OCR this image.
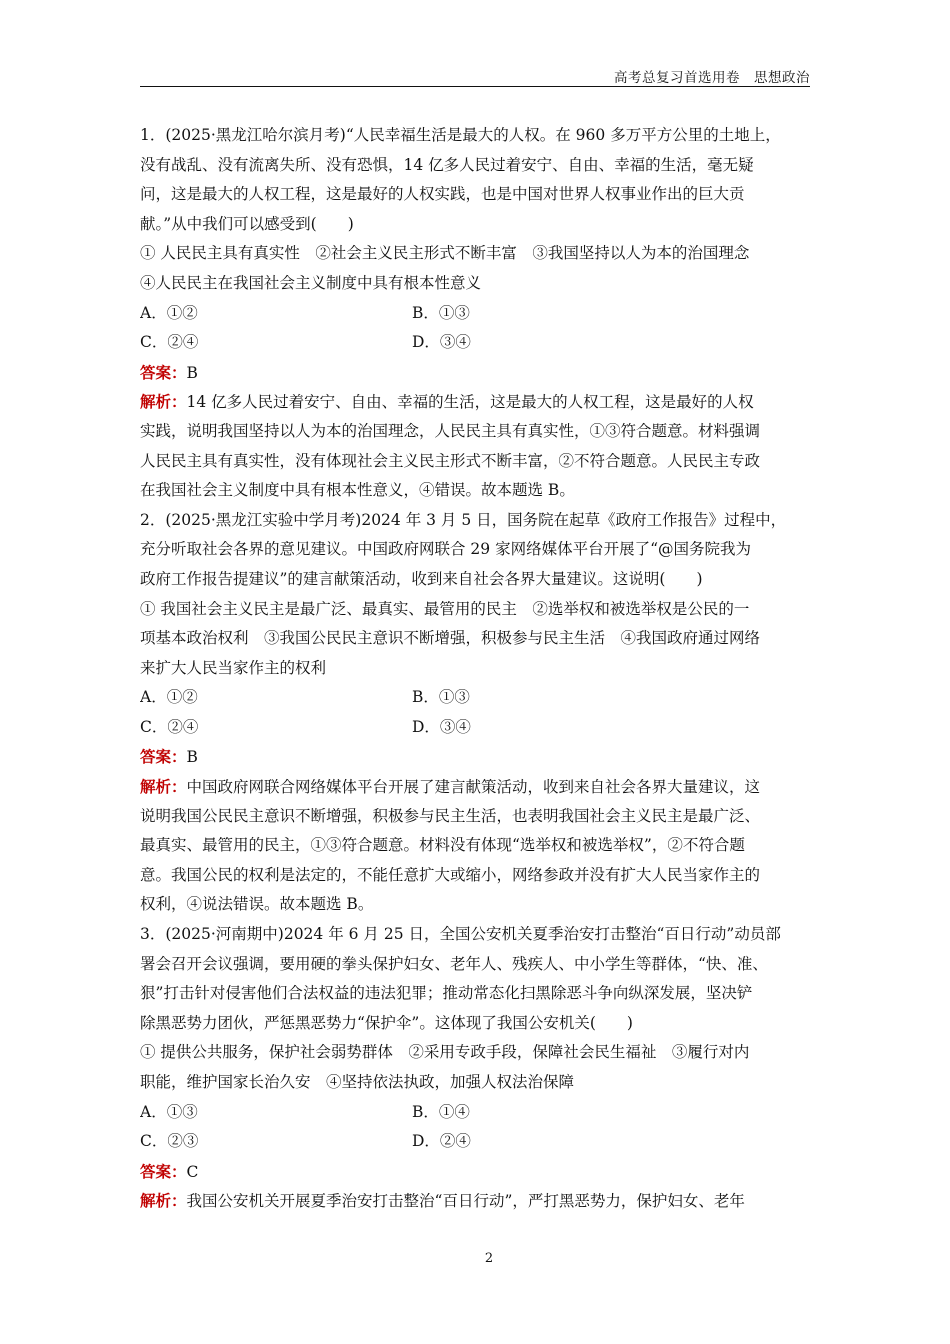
高考总复习首选用卷　思想政治
1．(2025·黑龙江哈尔滨月考)“人民幸福生活是最大的人权。在 960 多万平方公里的土地上，
没有战乱、没有流离失所、没有恐惧，14 亿多人民过着安宁、自由、幸福的生活，毫无疑
问，这是最大的人权工程，这是最好的人权实践，也是中国对世界人权事业作出的巨大贡
献。”从中我们可以感受到(　　)
① 人民民主具有真实性　②社会主义民主形式不断丰富　③我国坚持以人为本的治国理念
④人民民主在我国社会主义制度中具有根本性意义
A．①②	B．①③
C．②④	D．③④
答案：B
解析：14 亿多人民过着安宁、自由、幸福的生活，这是最大的人权工程，这是最好的人权
实践，说明我国坚持以人为本的治国理念，人民民主具有真实性，①③符合题意。材料强调
人民民主具有真实性，没有体现社会主义民主形式不断丰富，②不符合题意。人民民主专政
在我国社会主义制度中具有根本性意义，④错误。故本题选 B。
2．(2025·黑龙江实验中学月考)2024 年 3 月 5 日，国务院在起草《政府工作报告》过程中，
充分听取社会各界的意见建议。中国政府网联合 29 家网络媒体平台开展了“@国务院我为
政府工作报告提建议”的建言献策活动，收到来自社会各界大量建议。这说明(　　)
① 我国社会主义民主是最广泛、最真实、最管用的民主　②选举权和被选举权是公民的一
项基本政治权利　③我国公民民主意识不断增强，积极参与民主生活　④我国政府通过网络
来扩大人民当家作主的权利
A．①②	B．①③
C．②④	D．③④
答案：B
解析：中国政府网联合网络媒体平台开展了建言献策活动，收到来自社会各界大量建议，这
说明我国公民民主意识不断增强，积极参与民主生活，也表明我国社会主义民主是最广泛、
最真实、最管用的民主，①③符合题意。材料没有体现“选举权和被选举权”，②不符合题
意。我国公民的权利是法定的，不能任意扩大或缩小，网络参政并没有扩大人民当家作主的
权利，④说法错误。故本题选 B。
3．(2025·河南期中)2024 年 6 月 25 日，全国公安机关夏季治安打击整治“百日行动”动员部
署会召开会议强调，要用硬的拳头保护妇女、老年人、残疾人、中小学生等群体，“快、准、
狠”打击针对侵害他们合法权益的违法犯罪；推动常态化扫黑除恶斗争向纵深发展，坚决铲
除黑恶势力团伙，严惩黑恶势力“保护伞”。这体现了我国公安机关(　　)
① 提供公共服务，保护社会弱势群体　②采用专政手段，保障社会民生福祉　③履行对内
职能，维护国家长治久安　④坚持依法执政，加强人权法治保障
A．①③	B．①④
C．②③	D．②④
答案：C
解析：我国公安机关开展夏季治安打击整治“百日行动”，严打黑恶势力，保护妇女、老年
2
